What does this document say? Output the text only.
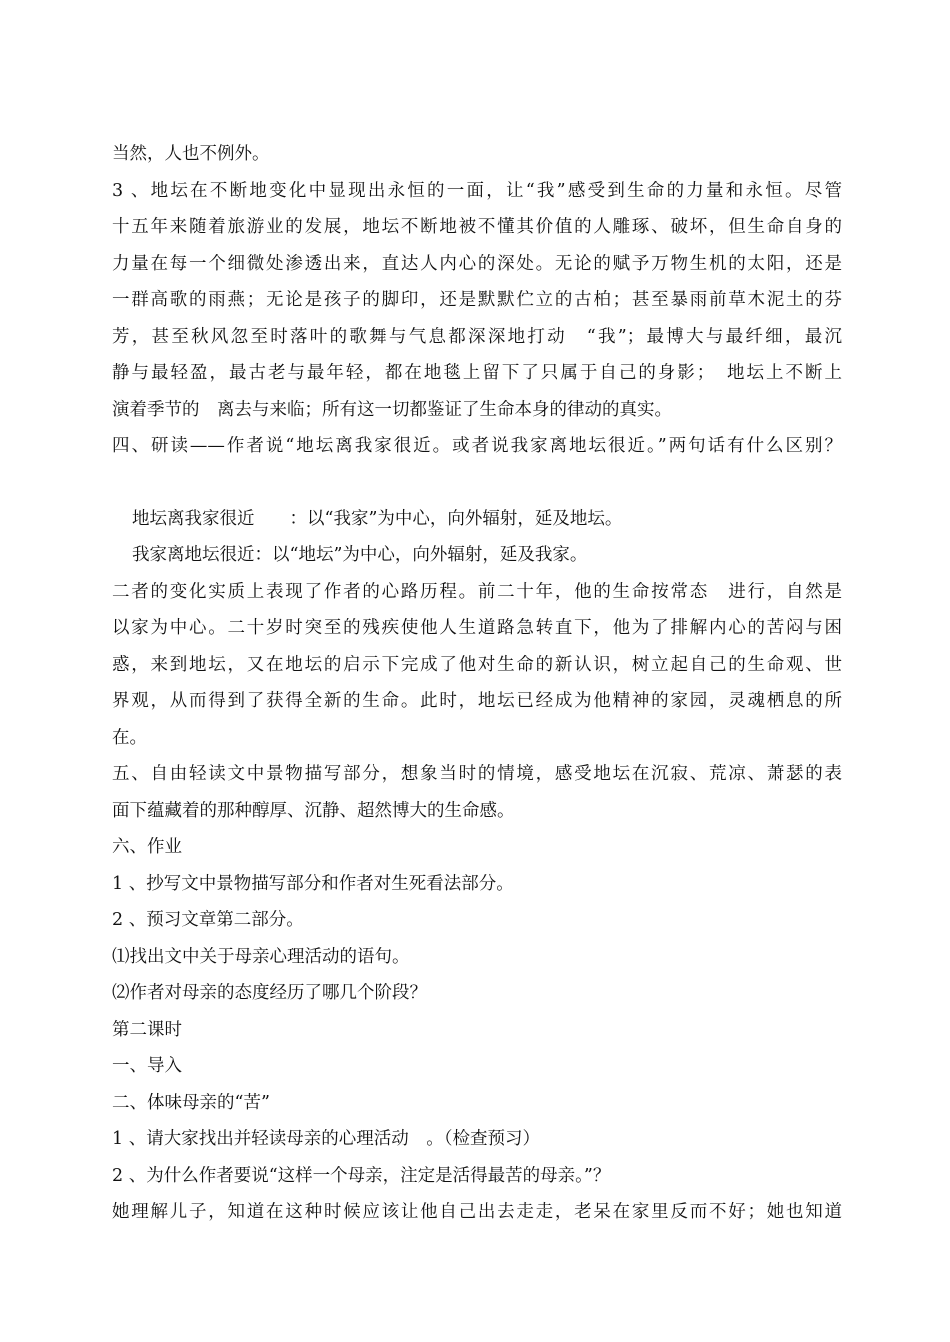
当然，人也不例外。
3 、地坛在不断地变化中显现出永恒的一面，让“我”感受到生命的力量和永恒。尽管
十五年来随着旅游业的发展，地坛不断地被不懂其价值的人雕琢、破坏，但生命自身的
力量在每一个细微处渗透出来，直达人内心的深处。无论的赋予万物生机的太阳，还是
一群高歌的雨燕；无论是孩子的脚印，还是默默伫立的古柏；甚至暴雨前草木泥土的芬
芳，甚至秋风忽至时落叶的歌舞与气息都深深地打动　“我”；最博大与最纤细，最沉
静与最轻盈，最古老与最年轻，都在地毯上留下了只属于自己的身影；　地坛上不断上
演着季节的　离去与来临；所有这一切都鉴证了生命本身的律动的真实。
四、研读——作者说“地坛离我家很近。或者说我家离地坛很近。”两句话有什么区别？
地坛离我家很近　　：以“我家”为中心，向外辐射，延及地坛。
我家离地坛很近：以“地坛”为中心，向外辐射，延及我家。
二者的变化实质上表现了作者的心路历程。前二十年，他的生命按常态　进行，自然是
以家为中心。二十岁时突至的残疾使他人生道路急转直下，他为了排解内心的苦闷与困
惑，来到地坛，又在地坛的启示下完成了他对生命的新认识，树立起自己的生命观、世
界观，从而得到了获得全新的生命。此时，地坛已经成为他精神的家园，灵魂栖息的所
在。
五、自由轻读文中景物描写部分，想象当时的情境，感受地坛在沉寂、荒凉、萧瑟的表
面下蕴藏着的那种醇厚、沉静、超然博大的生命感。
六、作业
1 、抄写文中景物描写部分和作者对生死看法部分。
2 、预习文章第二部分。
⑴找出文中关于母亲心理活动的语句。
⑵作者对母亲的态度经历了哪几个阶段？
第二课时
一、导入
二、体味母亲的“苦”
1 、请大家找出并轻读母亲的心理活动　。（检查预习）
2 、为什么作者要说“这样一个母亲，注定是活得最苦的母亲。”？
她理解儿子，知道在这种时候应该让他自己出去走走，老呆在家里反而不好；她也知道
